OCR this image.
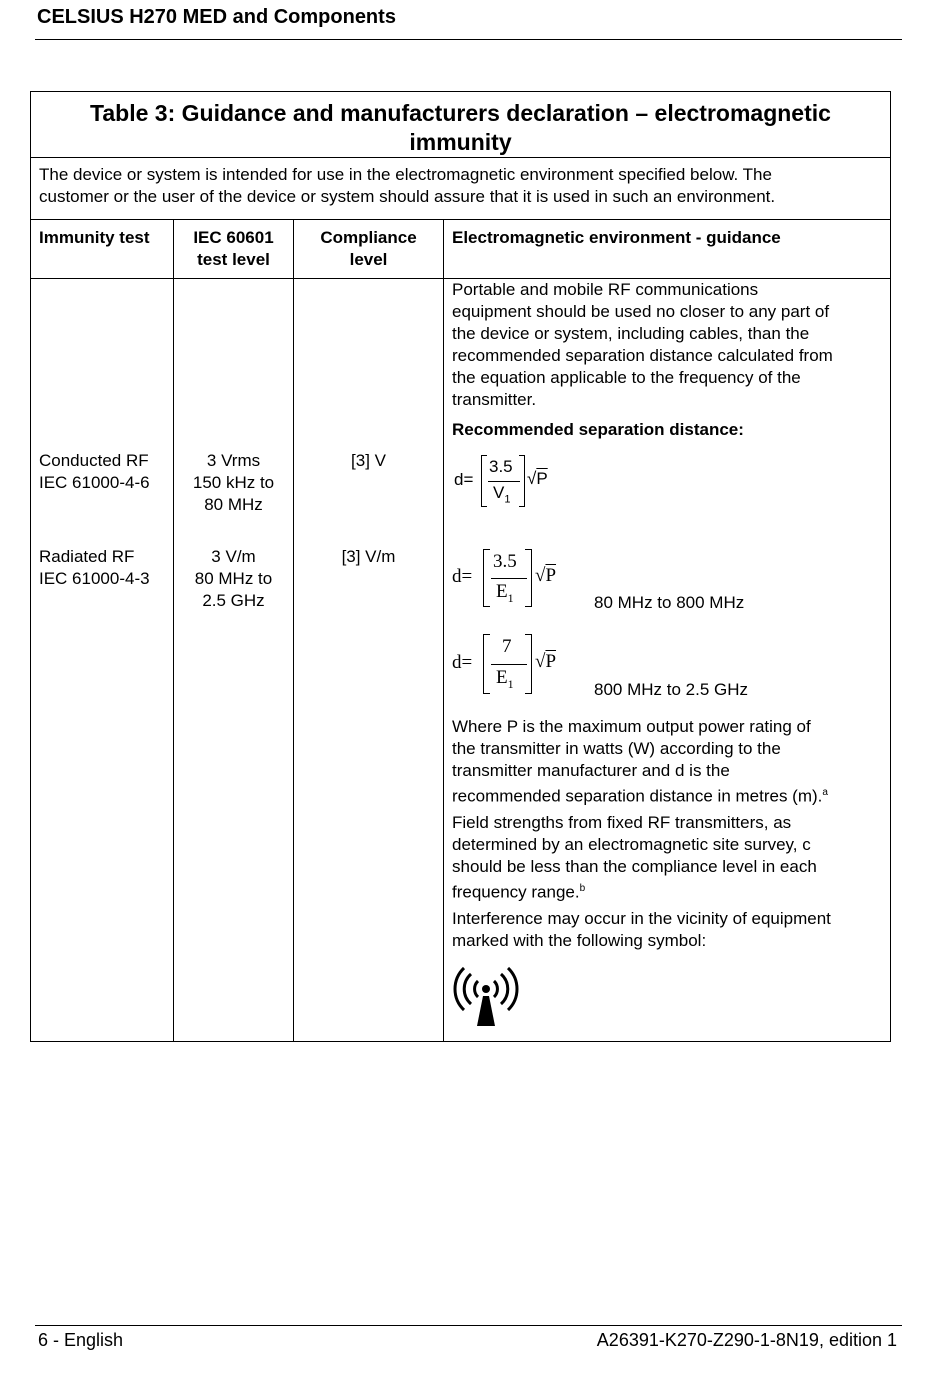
CELSIUS H270 MED and Components
Table 3: Guidance and manufacturers declaration – electromagnetic
immunity
The device or system is intended for use in the electromagnetic environment specified below. The
customer or the user of the device or system should assure that it is used in such an environment.
Immunity test	IEC 60601
test level
Compliance
level
Electromagnetic environment - guidance
Conducted RF
IEC 61000-4-6
3 Vrms
150 kHz to
80 MHz
[3] V
Radiated RF
IEC 61000-4-3
3 V/m
80 MHz to
2.5 GHz
[3] V/m
Portable and mobile RF communications
equipment should be used no closer to any part of
the device or system, including cables, than the
recommended separation distance calculated from
the equation applicable to the frequency of the
transmitter.
Recommended separation distance:
d=
3.5
$V_1$
√P
d=
3.5
$E_1$
√P
80 MHz to 800 MHz
d=
7
$E_1$
√P
800 MHz to 2.5 GHz
Where P is the maximum output power rating of
the transmitter in watts (W) according to the
transmitter manufacturer and d is the
recommended separation distance in metres (m).$^a$
Field strengths from fixed RF transmitters, as
determined by an electromagnetic site survey, c
should be less than the compliance level in each
frequency range.$^b$
Interference may occur in the vicinity of equipment
marked with the following symbol:
6 - English	A26391-K270-Z290-1-8N19, edition 1
